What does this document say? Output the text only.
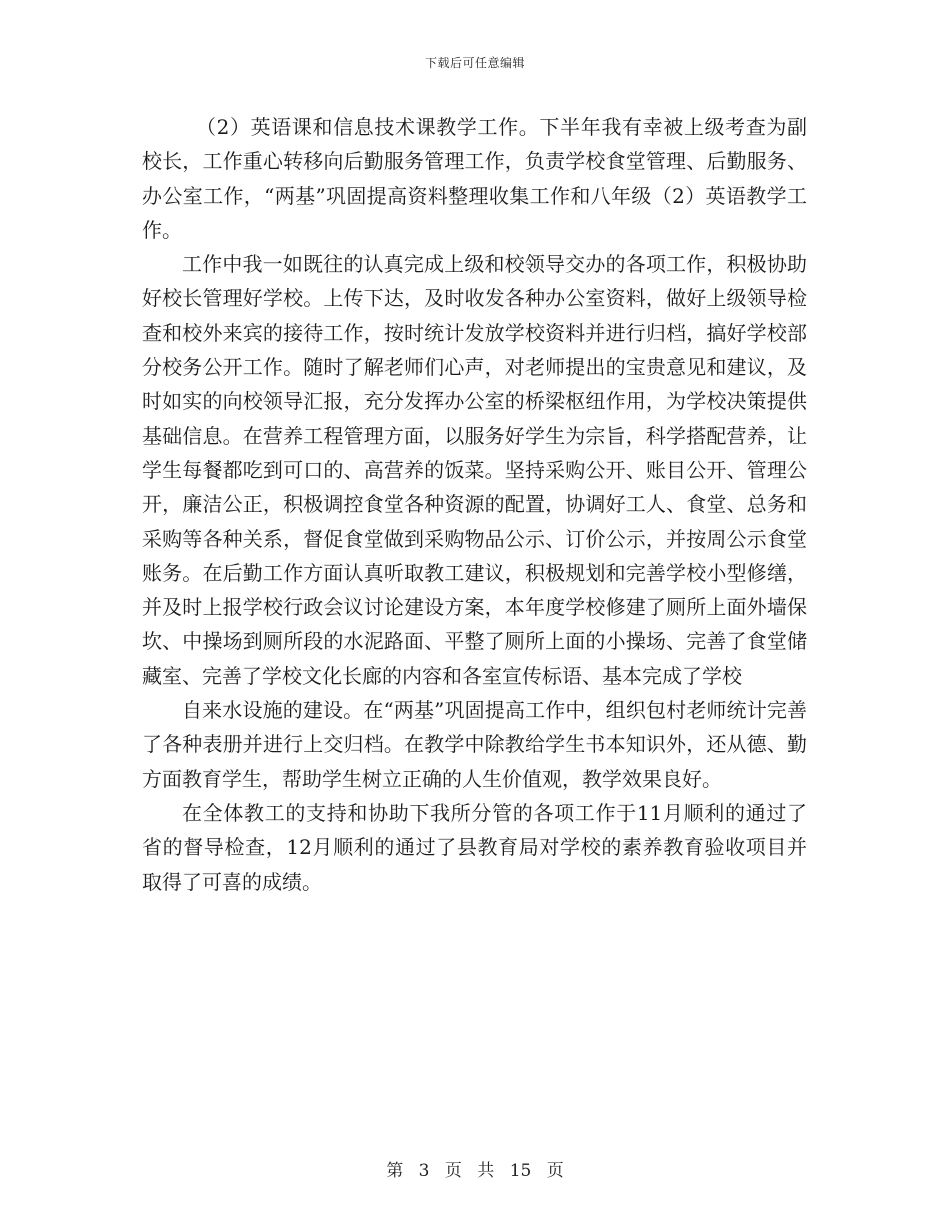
下载后可任意编辑

（2）英语课和信息技术课教学工作。下半年我有幸被上级考查为副校长，工作重心转移向后勤服务管理工作，负责学校食堂管理、后勤服务、办公室工作，“两基”巩固提高资料整理收集工作和八年级（2）英语教学工作。

工作中我一如既往的认真完成上级和校领导交办的各项工作，积极协助好校长管理好学校。上传下达，及时收发各种办公室资料，做好上级领导检查和校外来宾的接待工作，按时统计发放学校资料并进行归档，搞好学校部分校务公开工作。随时了解老师们心声，对老师提出的宝贵意见和建议，及时如实的向校领导汇报，充分发挥办公室的桥梁枢纽作用，为学校决策提供基础信息。在营养工程管理方面，以服务好学生为宗旨，科学搭配营养，让学生每餐都吃到可口的、高营养的饭菜。坚持采购公开、账目公开、管理公开，廉洁公正，积极调控食堂各种资源的配置，协调好工人、食堂、总务和采购等各种关系，督促食堂做到采购物品公示、订价公示，并按周公示食堂账务。在后勤工作方面认真听取教工建议，积极规划和完善学校小型修缮，并及时上报学校行政会议讨论建设方案，本年度学校修建了厕所上面外墙保坎、中操场到厕所段的水泥路面、平整了厕所上面的小操场、完善了食堂储藏室、完善了学校文化长廊的内容和各室宣传标语、基本完成了学校

自来水设施的建设。在“两基”巩固提高工作中，组织包村老师统计完善了各种表册并进行上交归档。在教学中除教给学生书本知识外，还从德、勤方面教育学生，帮助学生树立正确的人生价值观，教学效果良好。

在全体教工的支持和协助下我所分管的各项工作于11月顺利的通过了省的督导检查，12月顺利的通过了县教育局对学校的素养教育验收项目并取得了可喜的成绩。

第 3 页 共 15 页
